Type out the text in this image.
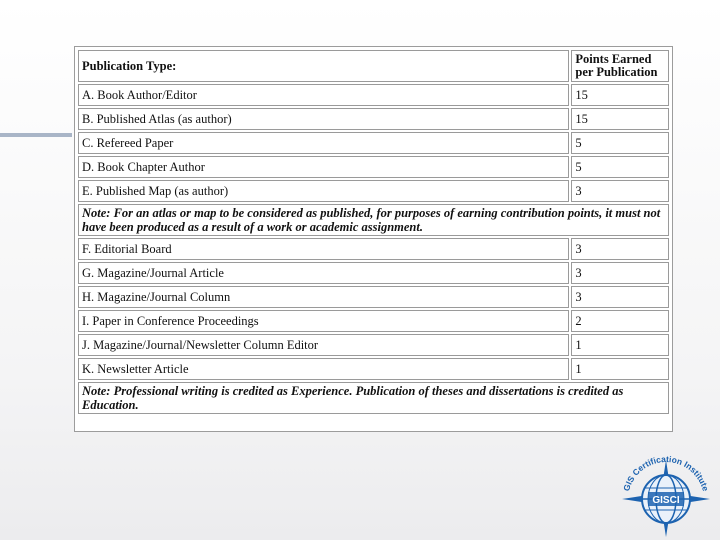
Publication Type:	Points Earned
per Publication
A. Book Author/Editor	15
B. Published Atlas (as author)	15
C. Refereed Paper	5
D. Book Chapter Author	5
E. Published Map (as author)	3
Note: For an atlas or map to be considered as published, for purposes of earning contribution points, it must not have been produced as a result of a work or academic assignment.	
F. Editorial Board	3
G. Magazine/Journal Article	3
H. Magazine/Journal Column	3
I. Paper in Conference Proceedings	2
J. Magazine/Journal/Newsletter Column Editor	1
K. Newsletter Article	1
Note: Professional writing is credited as Experience. Publication of theses and dissertations is credited as Education.	
GISCI
GIS Certification Institute
